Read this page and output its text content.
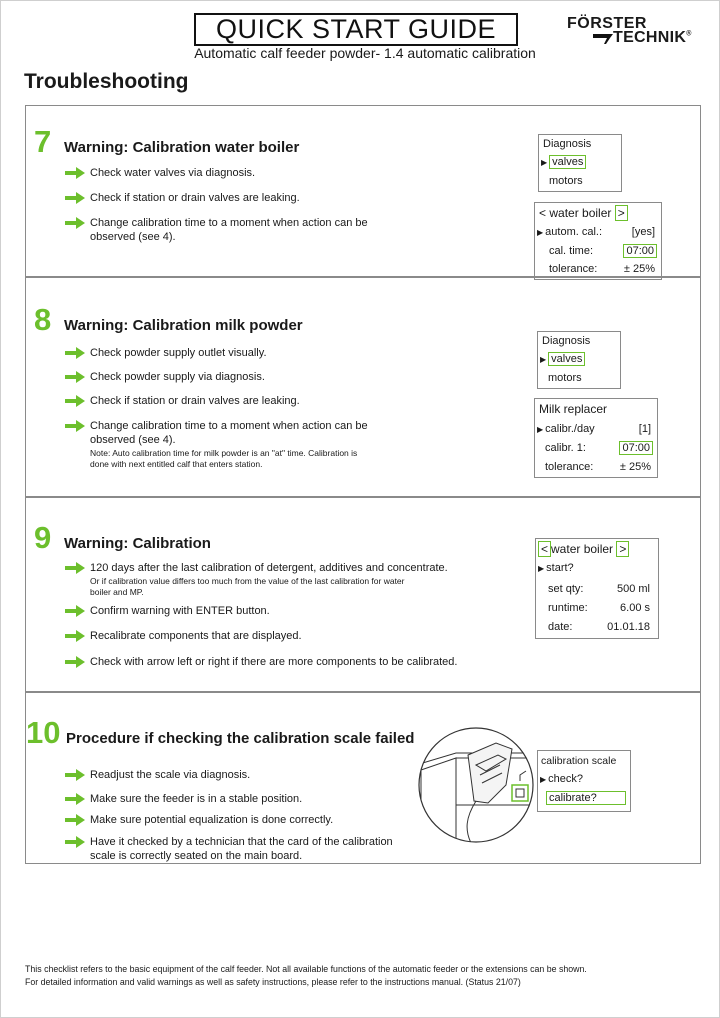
QUICK START GUIDE
Automatic calf feeder powder- 1.4 automatic calibration
FÖRSTER
TECHNIK®
Troubleshooting
7 Warning: Calibration water boiler
Check water valves via diagnosis.
Check if station or drain valves are leaking.
Change calibration time to a moment when action can be observed (see 4).
Diagnosis
▶ valves
motors
< water boiler >
▶ autom. cal.:	[yes]
cal. time:	07:00
tolerance: ± 25%
8 Warning: Calibration milk powder
Check powder supply outlet visually.
Check powder supply via diagnosis.
Check if station or drain valves are leaking.
Change calibration time to a moment when action can be observed (see 4).
Note: Auto calibration time for milk powder is an "at" time. Calibration is done with next entitled calf that enters station.
Diagnosis
▶ valves
motors
Milk replacer
▶ calibr./day	[1]
calibr. 1:	07:00
tolerance: ± 25%
9 Warning: Calibration
120 days after the last calibration of detergent, additives and concentrate.
Or if calibration value differs too much from the value of the last calibration for water boiler and MP.
Confirm warning with ENTER button.
Recalibrate components that are displayed.
Check with arrow left or right if there are more components to be calibrated.
< water boiler >
▶ start?
set qty:	500 ml
runtime:	6.00 s
date:	01.01.18
10 Procedure if checking the calibration scale failed
Readjust the scale via diagnosis.
Make sure the feeder is in a stable position.
Make sure potential equalization is done correctly.
Have it checked by a technician that the card of the calibration scale is correctly seated on the main board.
calibration scale
▶ check?
calibrate?
This checklist refers to the basic equipment of the calf feeder. Not all available functions of the automatic feeder or the extensions can be shown.
For detailed information and valid warnings as well as safety instructions, please refer to the instructions manual. (Status 21/07)
